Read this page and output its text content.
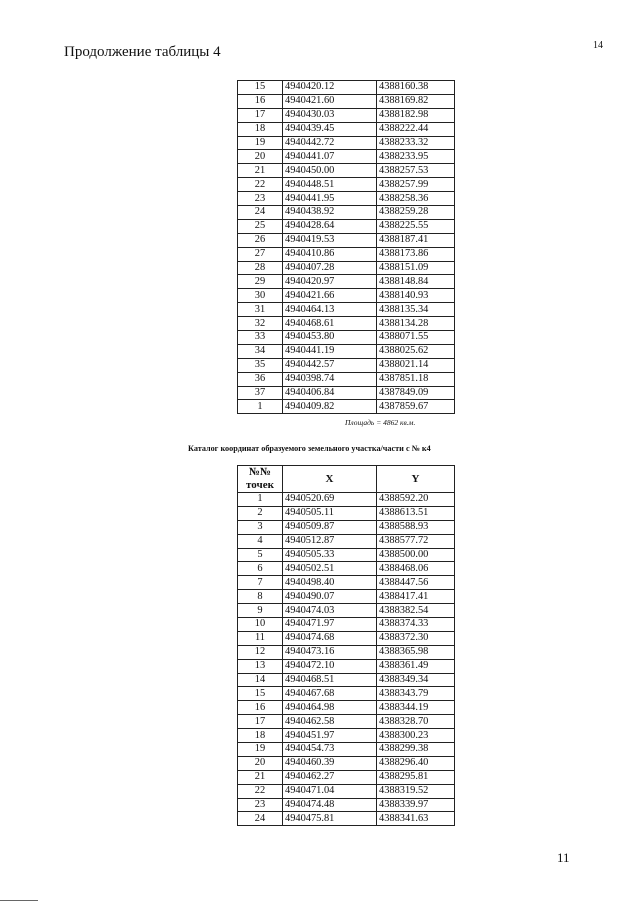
14
Продолжение таблицы 4
15	4940420.12	4388160.38
16	4940421.60	4388169.82
17	4940430.03	4388182.98
18	4940439.45	4388222.44
19	4940442.72	4388233.32
20	4940441.07	4388233.95
21	4940450.00	4388257.53
22	4940448.51	4388257.99
23	4940441.95	4388258.36
24	4940438.92	4388259.28
25	4940428.64	4388225.55
26	4940419.53	4388187.41
27	4940410.86	4388173.86
28	4940407.28	4388151.09
29	4940420.97	4388148.84
30	4940421.66	4388140.93
31	4940464.13	4388135.34
32	4940468.61	4388134.28
33	4940453.80	4388071.55
34	4940441.19	4388025.62
35	4940442.57	4388021.14
36	4940398.74	4387851.18
37	4940406.84	4387849.09
1	4940409.82	4387859.67
Площадь = 4862 кв.м.
Каталог координат образуемого земельного участка/части с № к4
№№
точек	X	Y
1	4940520.69	4388592.20
2	4940505.11	4388613.51
3	4940509.87	4388588.93
4	4940512.87	4388577.72
5	4940505.33	4388500.00
6	4940502.51	4388468.06
7	4940498.40	4388447.56
8	4940490.07	4388417.41
9	4940474.03	4388382.54
10	4940471.97	4388374.33
11	4940474.68	4388372.30
12	4940473.16	4388365.98
13	4940472.10	4388361.49
14	4940468.51	4388349.34
15	4940467.68	4388343.79
16	4940464.98	4388344.19
17	4940462.58	4388328.70
18	4940451.97	4388300.23
19	4940454.73	4388299.38
20	4940460.39	4388296.40
21	4940462.27	4388295.81
22	4940471.04	4388319.52
23	4940474.48	4388339.97
24	4940475.81	4388341.63
11
